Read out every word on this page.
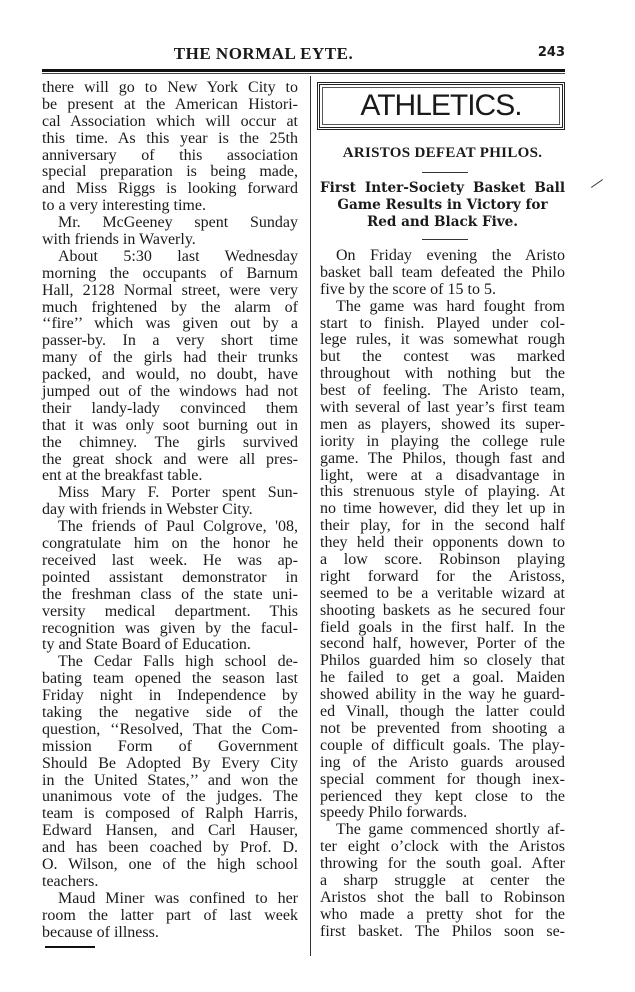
THE NORMAL EYTE.	243
there will go to New York City to
be present at the American Histori-
cal Association which will occur at
this time. As this year is the 25th
anniversary of this association
special preparation is being made,
and Miss Riggs is looking forward
to a very interesting time.
Mr. McGeeney spent Sunday
with friends in Waverly.
About 5:30 last Wednesday
morning the occupants of Barnum
Hall, 2128 Normal street, were very
much frightened by the alarm of
‘‘fire’’ which was given out by a
passer-by. In a very short time
many of the girls had their trunks
packed, and would, no doubt, have
jumped out of the windows had not
their landy-lady convinced them
that it was only soot burning out in
the chimney. The girls survived
the great shock and were all pres-
ent at the breakfast table.
Miss Mary F. Porter spent Sun-
day with friends in Webster City.
The friends of Paul Colgrove, '08,
congratulate him on the honor he
received last week. He was ap-
pointed assistant demonstrator in
the freshman class of the state uni-
versity medical department. This
recognition was given by the facul-
ty and State Board of Education.
The Cedar Falls high school de-
bating team opened the season last
Friday night in Independence by
taking the negative side of the
question, ‘‘Resolved, That the Com-
mission Form of Government
Should Be Adopted By Every City
in the United States,’’ and won the
unanimous vote of the judges. The
team is composed of Ralph Harris,
Edward Hansen, and Carl Hauser,
and has been coached by Prof. D.
O. Wilson, one of the high school
teachers.
Maud Miner was confined to her
room the latter part of last week
because of illness.
ATHLETICS.
ARISTOS DEFEAT PHILOS.
First Inter-Society Basket Ball
Game Results in Victory for
Red and Black Five.
On Friday evening the Aristo
basket ball team defeated the Philo
five by the score of 15 to 5.
The game was hard fought from
start to finish. Played under col-
lege rules, it was somewhat rough
but the contest was marked
throughout with nothing but the
best of feeling. The Aristo team,
with several of last year’s first team
men as players, showed its super-
iority in playing the college rule
game. The Philos, though fast and
light, were at a disadvantage in
this strenuous style of playing. At
no time however, did they let up in
their play, for in the second half
they held their opponents down to
a low score. Robinson playing
right forward for the Aristoss,
seemed to be a veritable wizard at
shooting baskets as he secured four
field goals in the first half. In the
second half, however, Porter of the
Philos guarded him so closely that
he failed to get a goal. Maiden
showed ability in the way he guard-
ed Vinall, though the latter could
not be prevented from shooting a
couple of difficult goals. The play-
ing of the Aristo guards aroused
special comment for though inex-
perienced they kept close to the
speedy Philo forwards.
The game commenced shortly af-
ter eight o’clock with the Aristos
throwing for the south goal. After
a sharp struggle at center the
Aristos shot the ball to Robinson
who made a pretty shot for the
first basket. The Philos soon se-
